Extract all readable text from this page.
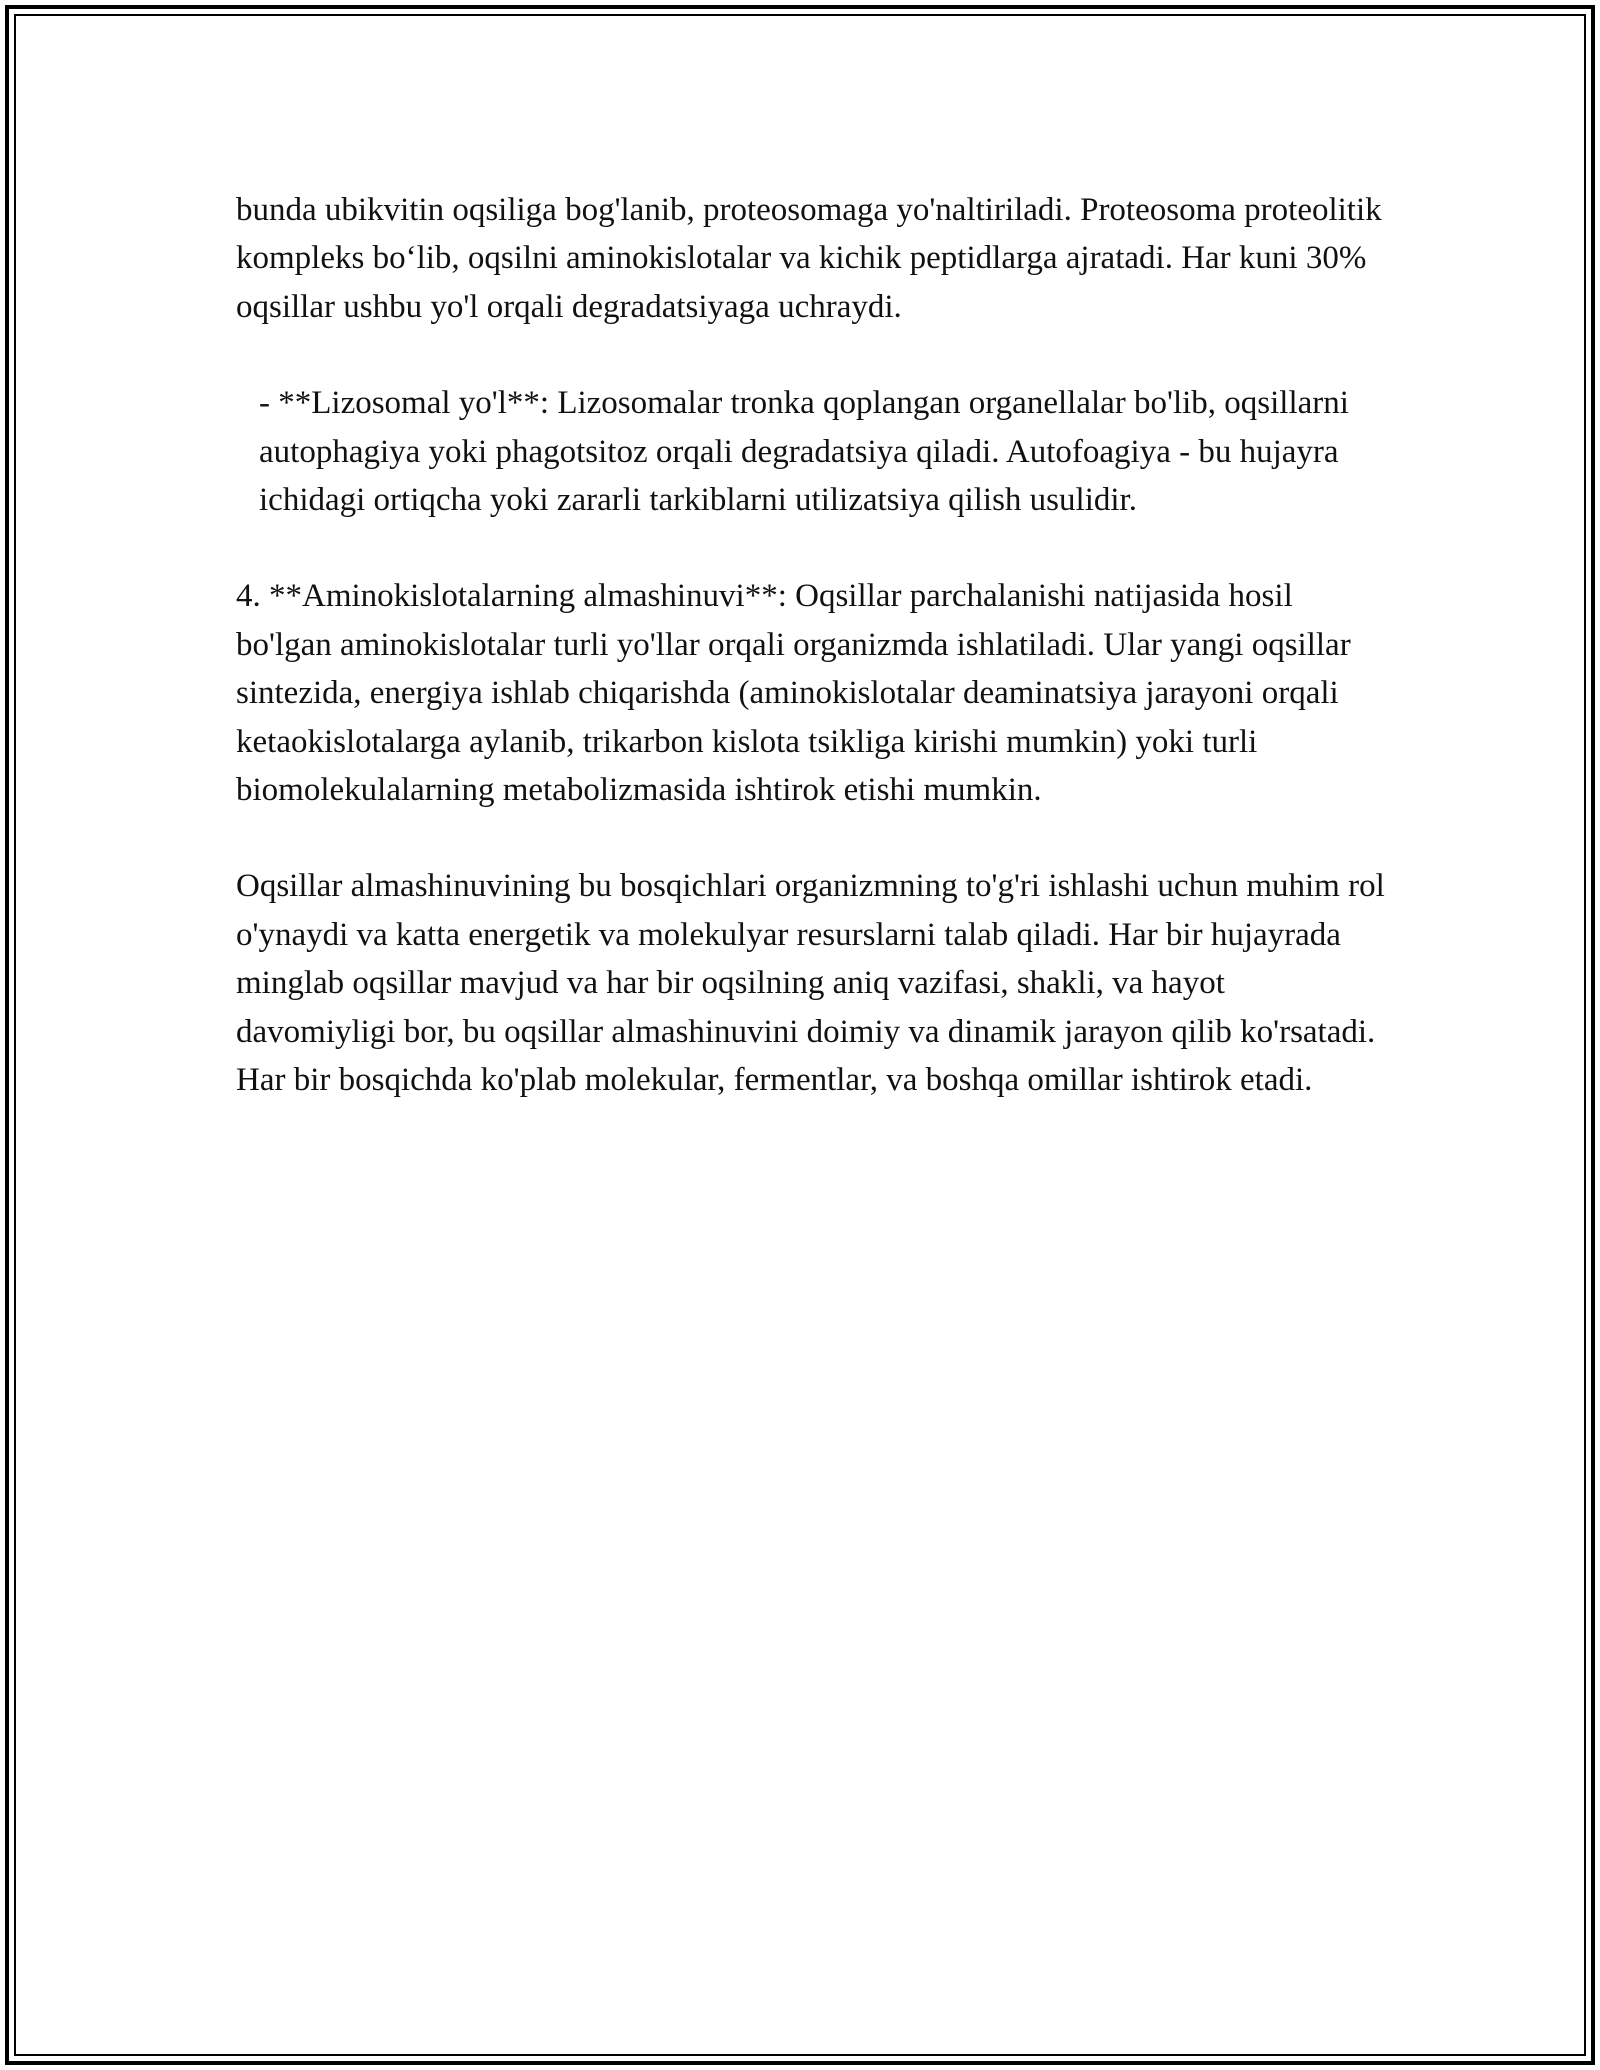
bunda ubikvitin oqsiliga bog'lanib, proteosomaga yo'naltiriladi. Proteosoma proteolitik kompleks bo‘lib, oqsilni aminokislotalar va kichik peptidlarga ajratadi. Har kuni 30% oqsillar ushbu yo'l orqali degradatsiyaga uchraydi.

- **Lizosomal yo'l**: Lizosomalar tronka qoplangan organellalar bo'lib, oqsillarni autophagiya yoki phagotsitoz orqali degradatsiya qiladi. Autofoagiya - bu hujayra ichidagi ortiqcha yoki zararli tarkiblarni utilizatsiya qilish usulidir.

4. **Aminokislotalarning almashinuvi**: Oqsillar parchalanishi natijasida hosil bo'lgan aminokislotalar turli yo'llar orqali organizmda ishlatiladi. Ular yangi oqsillar sintezida, energiya ishlab chiqarishda (aminokislotalar deaminatsiya jarayoni orqali ketaokislotalarga aylanib, trikarbon kislota tsikliga kirishi mumkin) yoki turli biomolekulalarning metabolizmasida ishtirok etishi mumkin.

Oqsillar almashinuvining bu bosqichlari organizmning to'g'ri ishlashi uchun muhim rol o'ynaydi va katta energetik va molekulyar resurslarni talab qiladi. Har bir hujayrada minglab oqsillar mavjud va har bir oqsilning aniq vazifasi, shakli, va hayot davomiyligi bor, bu oqsillar almashinuvini doimiy va dinamik jarayon qilib ko'rsatadi. Har bir bosqichda ko'plab molekular, fermentlar, va boshqa omillar ishtirok etadi.
